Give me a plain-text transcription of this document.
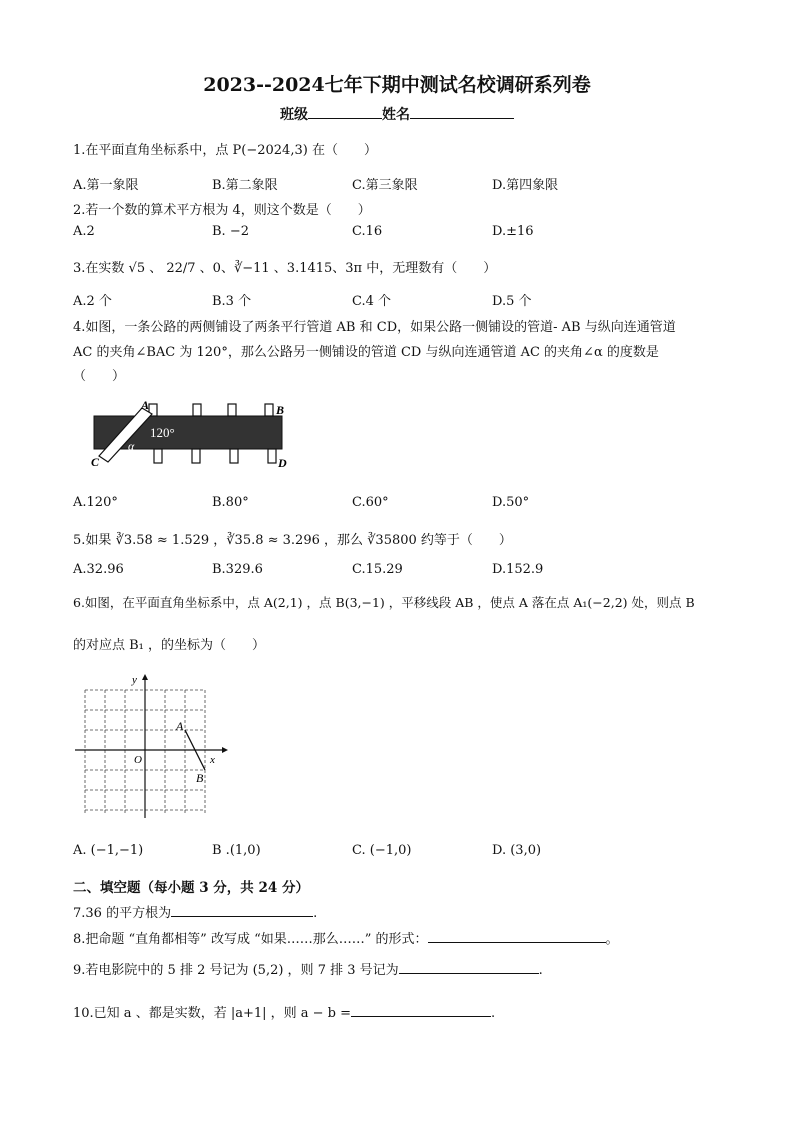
2023--2024七年下期中测试名校调研系列卷
班级	姓名
1.在平面直角坐标系中，点 P(−2024,3) 在（　　）
A.第一象限	B.第二象限	C.第三象限	D.第四象限
2.若一个数的算术平方根为 4，则这个数是（　　）
A.2	B. −2	C.16	D.±16
3.在实数 √5 、 22/7 、0、∛−11 、3.1415、3π 中，无理数有（　　）
A.2 个	B.3 个	C.4 个	D.5 个
4.如图，一条公路的两侧铺设了两条平行管道 AB 和 CD，如果公路一侧铺设的管道- AB 与纵向连通管道
AC 的夹角∠BAC 为 120°，那么公路另一侧铺设的管道 CD 与纵向连通管道 AC 的夹角∠α 的度数是
（　　）
120°
α
A	B
C	D
A.120°	B.80°	C.60°	D.50°
5.如果 ∛3.58 ≈ 1.529 ，∛35.8 ≈ 3.296 ，那么 ∛35800 约等于（　　）
A.32.96	B.329.6	C.15.29	D.152.9
6.如图，在平面直角坐标系中，点 A(2,1) ，点 B(3,−1) ，平移线段 AB ，使点 A 落在点 A₁(−2,2) 处，则点 B
的对应点 B₁ ，的坐标为（　　）
y
x
O
A
B
A. (−1,−1)	B .(1,0)	C. (−1,0)	D. (3,0)
二、填空题（每小题 3 分，共 24 分）
7.36 的平方根为	.
8.把命题 “直角都相等” 改写成 “如果……那么……” 的形式：	。
9.若电影院中的 5 排 2 号记为 (5,2) ，则 7 排 3 号记为	.
10.已知 a 、都是实数，若 |a+1| ，则 a − b =	.
